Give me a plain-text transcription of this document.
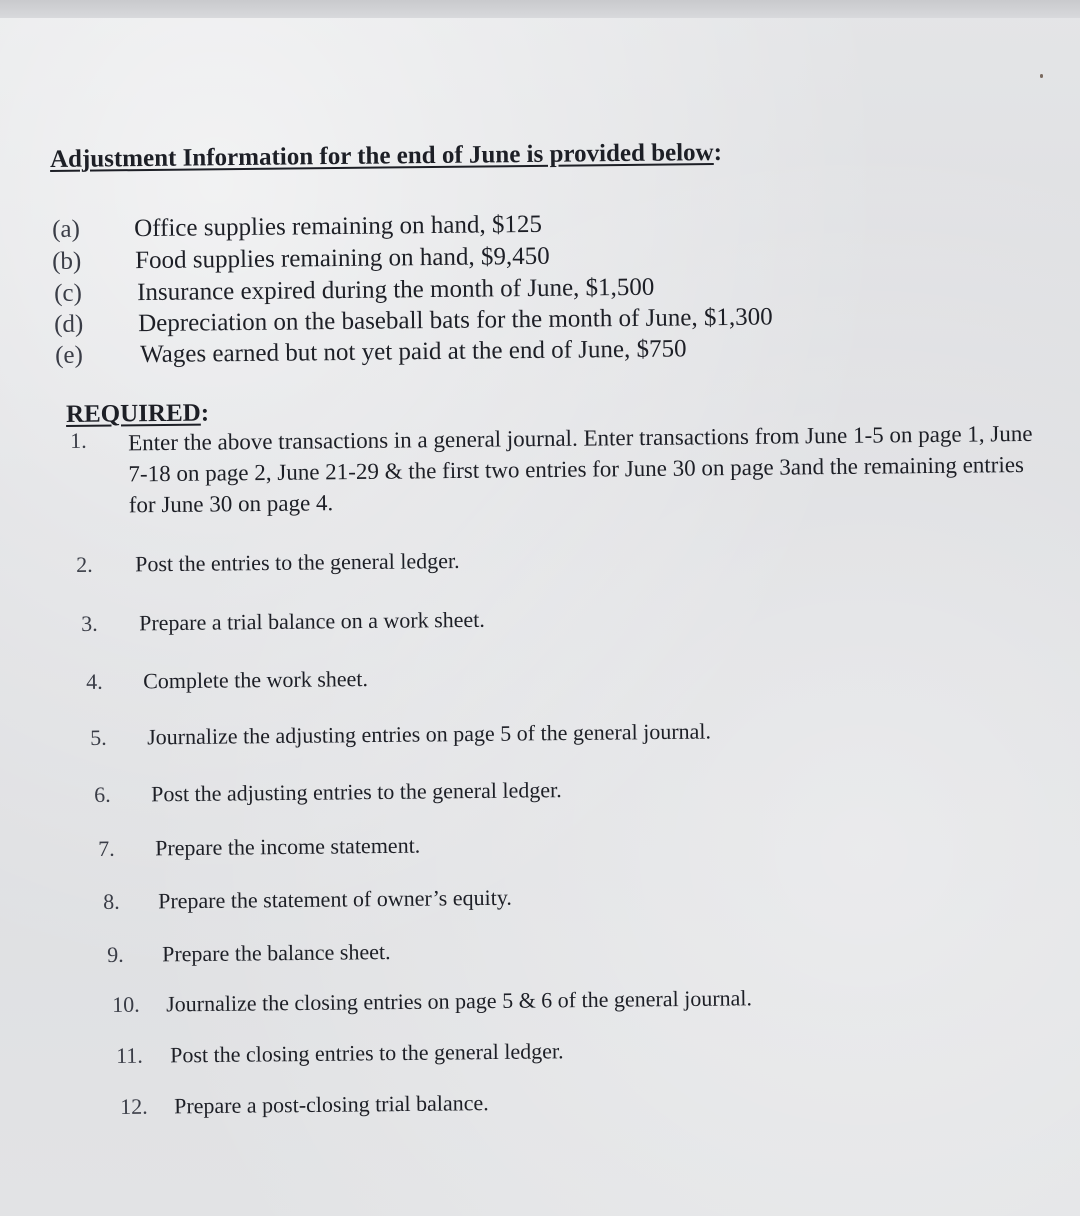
Adjustment Information for the end of June is provided below:
(a) Office supplies remaining on hand, $125
(b) Food supplies remaining on hand, $9,450
(c) Insurance expired during the month of June, $1,500
(d) Depreciation on the baseball bats for the month of June, $1,300
(e) Wages earned but not yet paid at the end of June, $750
REQUIRED:
1. Enter the above transactions in a general journal. Enter transactions from June 1-5 on page 1, June 7-18 on page 2, June 21-29 & the first two entries for June 30 on page 3and the remaining entries for June 30 on page 4.
2. Post the entries to the general ledger.
3. Prepare a trial balance on a work sheet.
4. Complete the work sheet.
5. Journalize the adjusting entries on page 5 of the general journal.
6. Post the adjusting entries to the general ledger.
7. Prepare the income statement.
8. Prepare the statement of owner’s equity.
9. Prepare the balance sheet.
10. Journalize the closing entries on page 5 & 6 of the general journal.
11. Post the closing entries to the general ledger.
12. Prepare a post-closing trial balance.
